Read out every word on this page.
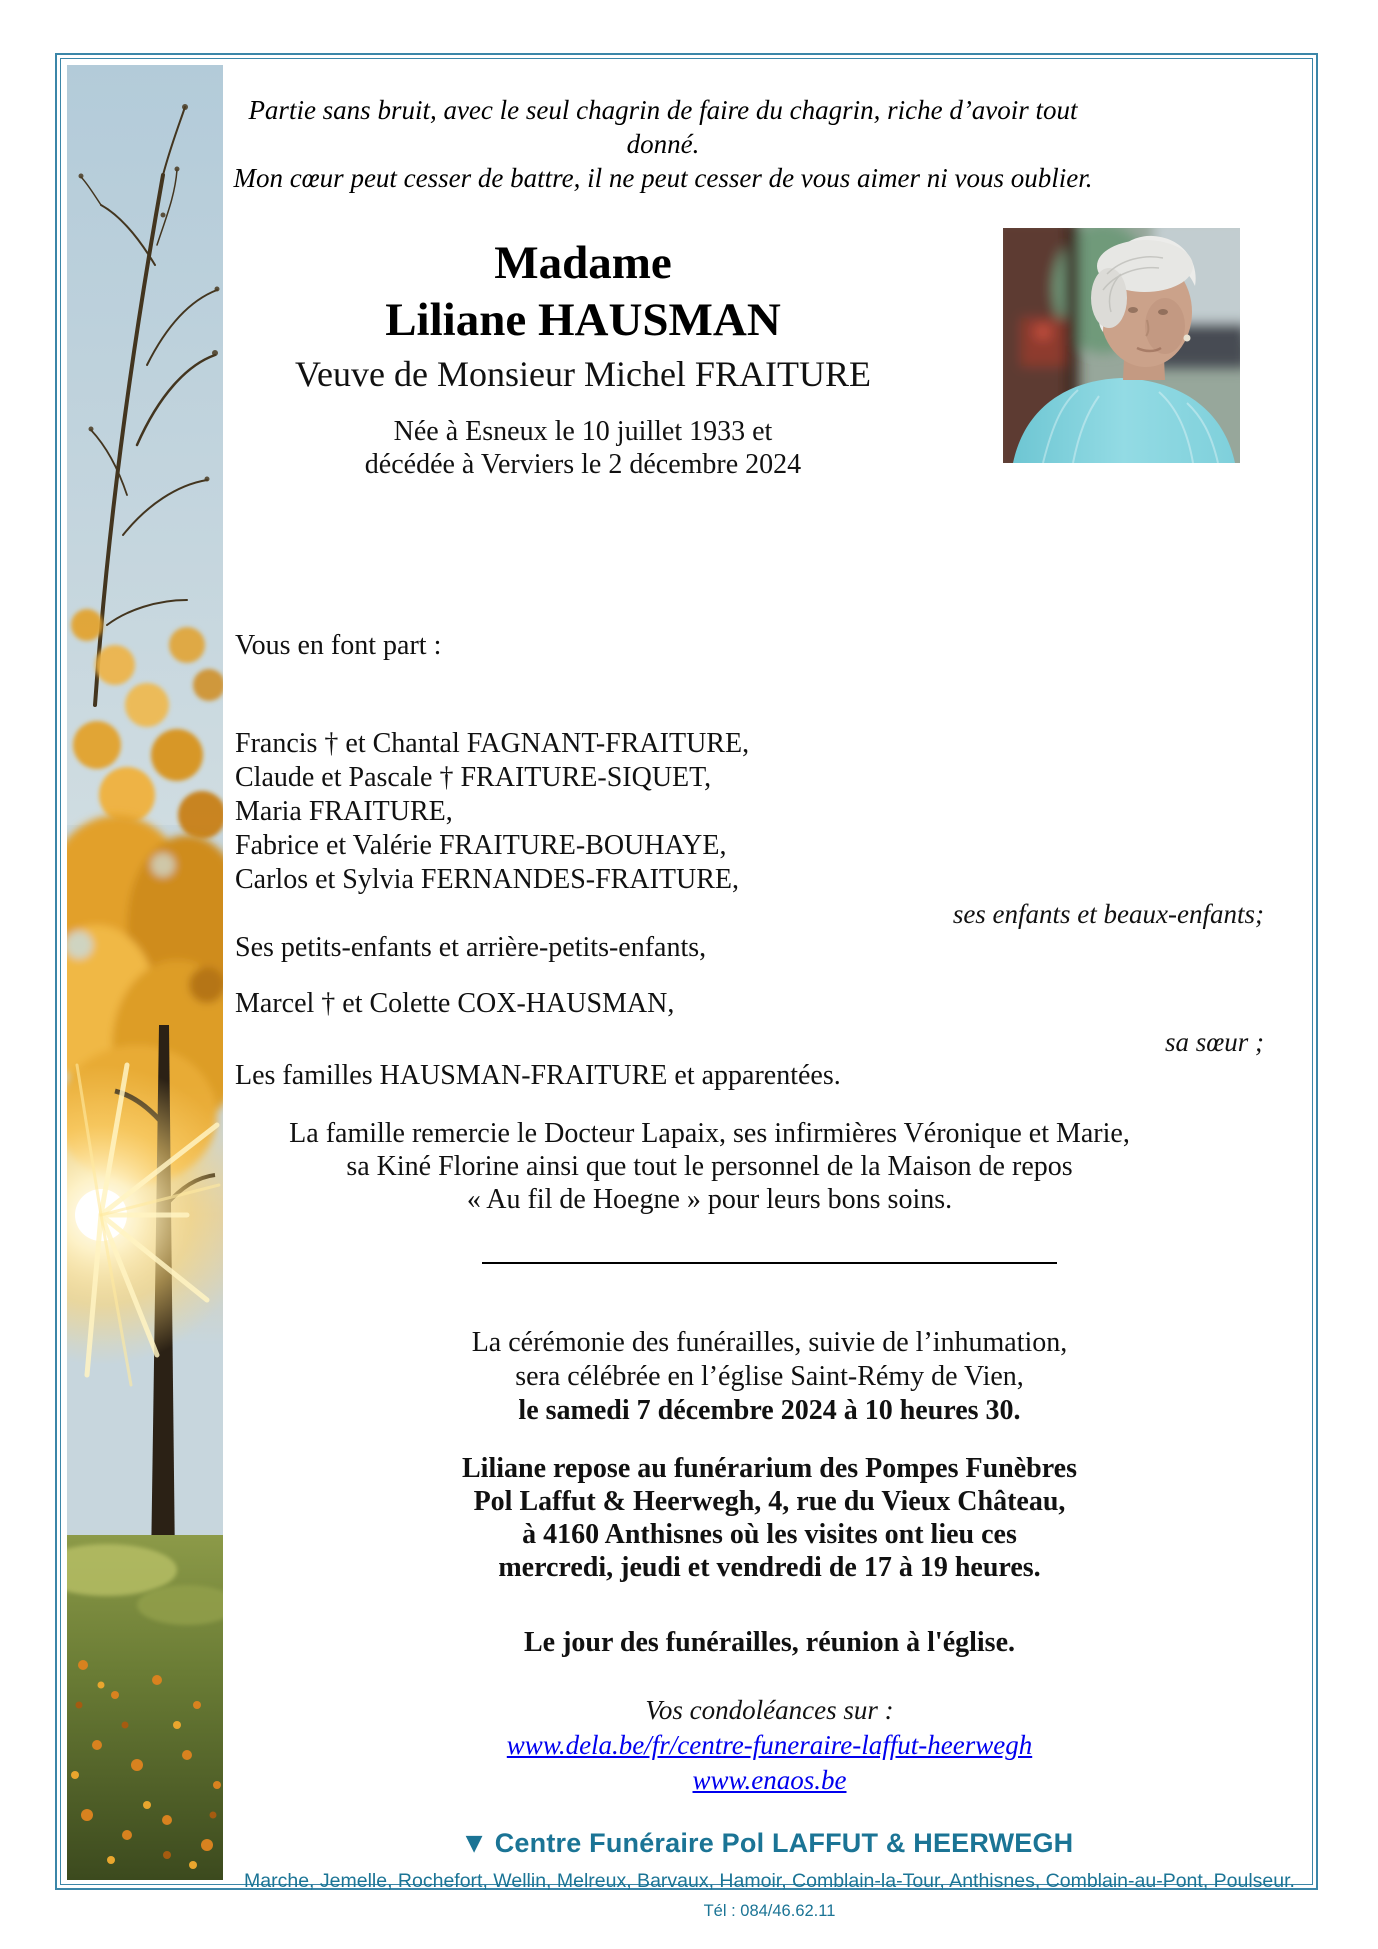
Partie sans bruit, avec le seul chagrin de faire du chagrin, riche d’avoir tout donné.
Mon cœur peut cesser de battre, il ne peut cesser de vous aimer ni vous oublier.
Madame
Liliane HAUSMAN
Veuve de Monsieur Michel FRAITURE
Née à Esneux le 10 juillet 1933 et
décédée à Verviers le 2 décembre 2024
Vous en font part :
Francis † et Chantal FAGNANT-FRAITURE,
Claude et Pascale † FRAITURE-SIQUET,
Maria FRAITURE,
Fabrice et Valérie FRAITURE-BOUHAYE,
Carlos et Sylvia FERNANDES-FRAITURE,
ses enfants et beaux-enfants;
Ses petits-enfants et arrière-petits-enfants,
Marcel † et Colette COX-HAUSMAN,
sa sœur ;
Les familles HAUSMAN-FRAITURE et apparentées.
La famille remercie le Docteur Lapaix, ses infirmières Véronique et Marie,
sa Kiné Florine ainsi que tout le personnel de la Maison de repos
« Au fil de Hoegne » pour leurs bons soins.
La cérémonie des funérailles, suivie de l’inhumation,
sera célébrée en l’église Saint-Rémy de Vien,
le samedi 7 décembre 2024 à 10 heures 30.
Liliane repose au funérarium des Pompes Funèbres
Pol Laffut & Heerwegh, 4, rue du Vieux Château,
à 4160 Anthisnes où les visites ont lieu ces
mercredi, jeudi et vendredi de 17 à 19 heures.
Le jour des funérailles, réunion à l'église.
Vos condoléances sur :
www.dela.be/fr/centre-funeraire-laffut-heerwegh
www.enaos.be
▼ Centre Funéraire Pol LAFFUT & HEERWEGH
Marche, Jemelle, Rochefort, Wellin, Melreux, Barvaux, Hamoir, Comblain-la-Tour, Anthisnes, Comblain-au-Pont, Poulseur.
Tél : 084/46.62.11
